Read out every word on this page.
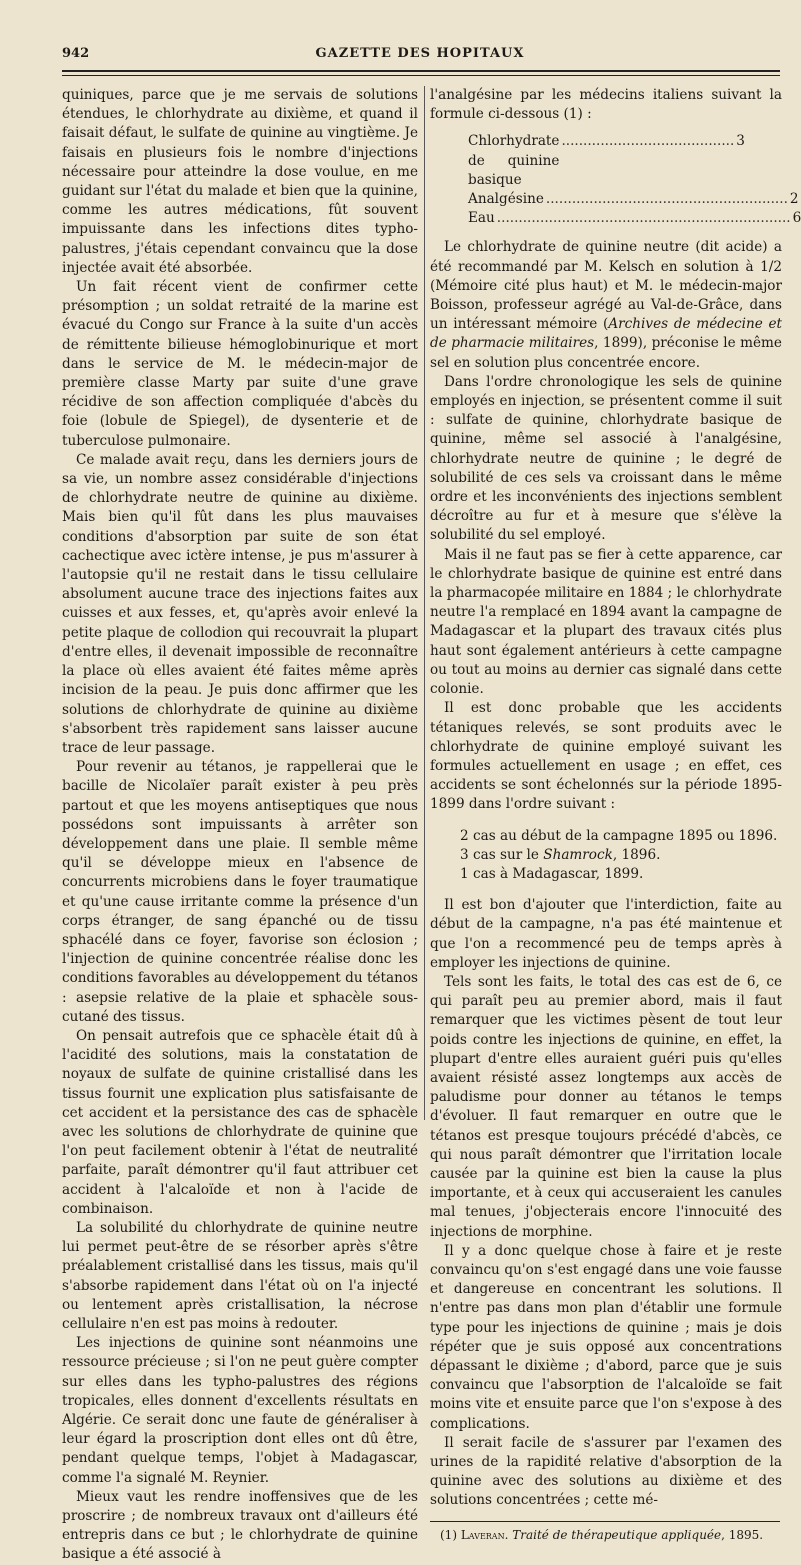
942	GAZETTE DES HOPITAUX

quiniques, parce que je me servais de solutions étendues, le chlorhydrate au dixième, et quand il faisait défaut, le sulfate de quinine au vingtième. Je faisais en plusieurs fois le nombre d'injections nécessaire pour atteindre la dose voulue, en me guidant sur l'état du malade et bien que la quinine, comme les autres médications, fût souvent impuissante dans les infections dites typho-palustres, j'étais cependant convaincu que la dose injectée avait été absorbée.

Un fait récent vient de confirmer cette présomption ; un soldat retraité de la marine est évacué du Congo sur France à la suite d'un accès de rémittente bilieuse hémoglobinurique et mort dans le service de M. le médecin-major de première classe Marty par suite d'une grave récidive de son affection compliquée d'abcès du foie (lobule de Spiegel), de dysenterie et de tuberculose pulmonaire.

Ce malade avait reçu, dans les derniers jours de sa vie, un nombre assez considérable d'injections de chlorhydrate neutre de quinine au dixième. Mais bien qu'il fût dans les plus mauvaises conditions d'absorption par suite de son état cachectique avec ictère intense, je pus m'assurer à l'autopsie qu'il ne restait dans le tissu cellulaire absolument aucune trace des injections faites aux cuisses et aux fesses, et, qu'après avoir enlevé la petite plaque de collodion qui recouvrait la plupart d'entre elles, il devenait impossible de reconnaître la place où elles avaient été faites même après incision de la peau. Je puis donc affirmer que les solutions de chlorhydrate de quinine au dixième s'absorbent très rapidement sans laisser aucune trace de leur passage.

Pour revenir au tétanos, je rappellerai que le bacille de Nicolaïer paraît exister à peu près partout et que les moyens antiseptiques que nous possédons sont impuissants à arrêter son développement dans une plaie. Il semble même qu'il se développe mieux en l'absence de concurrents microbiens dans le foyer traumatique et qu'une cause irritante comme la présence d'un corps étranger, de sang épanché ou de tissu sphacélé dans ce foyer, favorise son éclosion ; l'injection de quinine concentrée réalise donc les conditions favorables au développement du tétanos : asepsie relative de la plaie et sphacèle sous-cutané des tissus.

On pensait autrefois que ce sphacèle était dû à l'acidité des solutions, mais la constatation de noyaux de sulfate de quinine cristallisé dans les tissus fournit une explication plus satisfaisante de cet accident et la persistance des cas de sphacèle avec les solutions de chlorhydrate de quinine que l'on peut facilement obtenir à l'état de neutralité parfaite, paraît démontrer qu'il faut attribuer cet accident à l'alcaloïde et non à l'acide de combinaison.

La solubilité du chlorhydrate de quinine neutre lui permet peut-être de se résorber après s'être préalablement cristallisé dans les tissus, mais qu'il s'absorbe rapidement dans l'état où on l'a injecté ou lentement après cristallisation, la nécrose cellulaire n'en est pas moins à redouter.

Les injections de quinine sont néanmoins une ressource précieuse ; si l'on ne peut guère compter sur elles dans les typho-palustres des régions tropicales, elles donnent d'excellents résultats en Algérie. Ce serait donc une faute de généraliser à leur égard la proscription dont elles ont dû être, pendant quelque temps, l'objet à Madagascar, comme l'a signalé M. Reynier.

Mieux vaut les rendre inoffensives que de les proscrire ; de nombreux travaux ont d'ailleurs été entrepris dans ce but ; le chlorhydrate de quinine basique a été associé à

l'analgésine par les médecins italiens suivant la formule ci-dessous (1) :

Chlorhydrate de quinine basique
........................................ 3
Analgésine ........................................................ 2
Eau .................................................................... 6

Le chlorhydrate de quinine neutre (dit acide) a été recommandé par M. Kelsch en solution à 1/2 (Mémoire cité plus haut) et M. le médecin-major Boisson, professeur agrégé au Val-de-Grâce, dans un intéressant mémoire (Archives de médecine et de pharmacie militaires, 1899), préconise le même sel en solution plus concentrée encore.

Dans l'ordre chronologique les sels de quinine employés en injection, se présentent comme il suit : sulfate de quinine, chlorhydrate basique de quinine, même sel associé à l'analgésine, chlorhydrate neutre de quinine ; le degré de solubilité de ces sels va croissant dans le même ordre et les inconvénients des injections semblent décroître au fur et à mesure que s'élève la solubilité du sel employé.

Mais il ne faut pas se fier à cette apparence, car le chlorhydrate basique de quinine est entré dans la pharmacopée militaire en 1884 ; le chlorhydrate neutre l'a remplacé en 1894 avant la campagne de Madagascar et la plupart des travaux cités plus haut sont également antérieurs à cette campagne ou tout au moins au dernier cas signalé dans cette colonie.

Il est donc probable que les accidents tétaniques relevés, se sont produits avec le chlorhydrate de quinine employé suivant les formules actuellement en usage ; en effet, ces accidents se sont échelonnés sur la période 1895-1899 dans l'ordre suivant :

2 cas au début de la campagne 1895 ou 1896.
3 cas sur le Shamrock, 1896.
1 cas à Madagascar, 1899.

Il est bon d'ajouter que l'interdiction, faite au début de la campagne, n'a pas été maintenue et que l'on a recommencé peu de temps après à employer les injections de quinine.

Tels sont les faits, le total des cas est de 6, ce qui paraît peu au premier abord, mais il faut remarquer que les victimes pèsent de tout leur poids contre les injections de quinine, en effet, la plupart d'entre elles auraient guéri puis qu'elles avaient résisté assez longtemps aux accès de paludisme pour donner au tétanos le temps d'évoluer. Il faut remarquer en outre que le tétanos est presque toujours précédé d'abcès, ce qui nous paraît démontrer que l'irritation locale causée par la quinine est bien la cause la plus importante, et à ceux qui accuseraient les canules mal tenues, j'objecterais encore l'innocuité des injections de morphine.

Il y a donc quelque chose à faire et je reste convaincu qu'on s'est engagé dans une voie fausse et dangereuse en concentrant les solutions. Il n'entre pas dans mon plan d'établir une formule type pour les injections de quinine ; mais je dois répéter que je suis opposé aux concentrations dépassant le dixième ; d'abord, parce que je suis convaincu que l'absorption de l'alcaloïde se fait moins vite et ensuite parce que l'on s'expose à des complications.

Il serait facile de s'assurer par l'examen des urines de la rapidité relative d'absorption de la quinine avec des solutions au dixième et des solutions concentrées ; cette mé-

(1) Laveran. Traité de thérapeutique appliquée, 1895.
